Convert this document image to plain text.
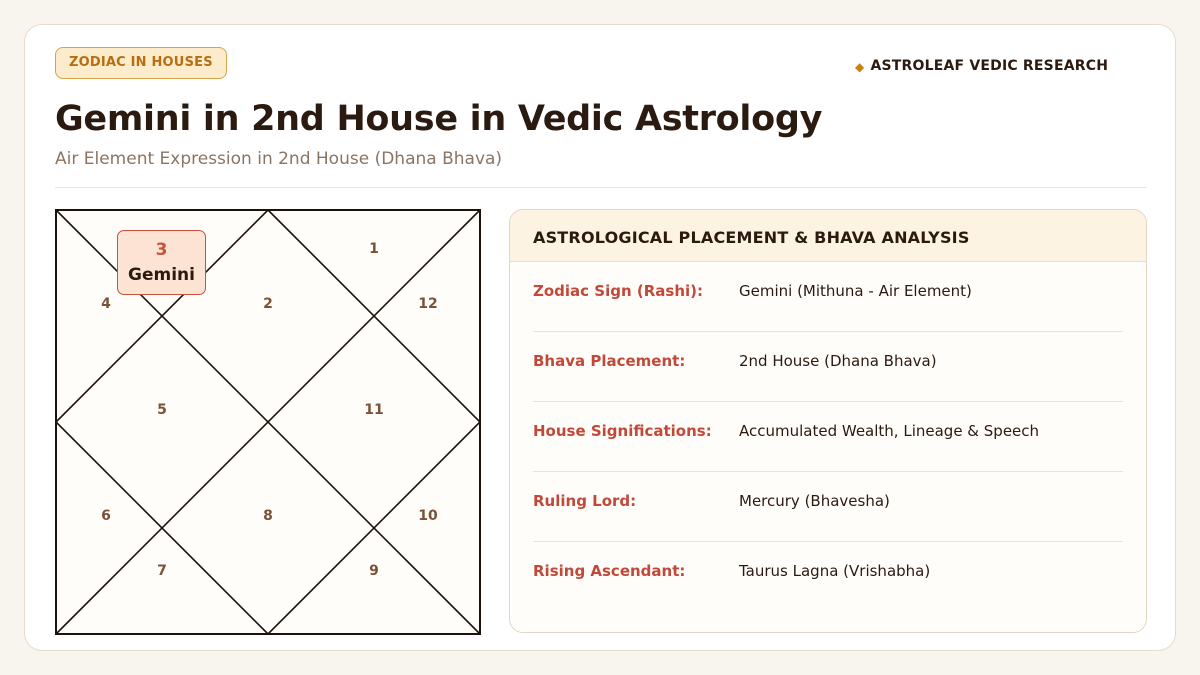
ZODIAC IN HOUSES	◆ ASTROLEAF VEDIC RESEARCH
Gemini in 2nd House in Vedic Astrology
Air Element Expression in 2nd House (Dhana Bhava)
1
2
4
5
6
7
8
9
10
11
12
3
Gemini
ASTROLOGICAL PLACEMENT & BHAVA ANALYSIS
Zodiac Sign (Rashi): Gemini (Mithuna - Air Element)
Bhava Placement:	2nd House (Dhana Bhava)
House Significations: Accumulated Wealth, Lineage & Speech
Ruling Lord:	Mercury (Bhavesha)
Rising Ascendant:	Taurus Lagna (Vrishabha)
